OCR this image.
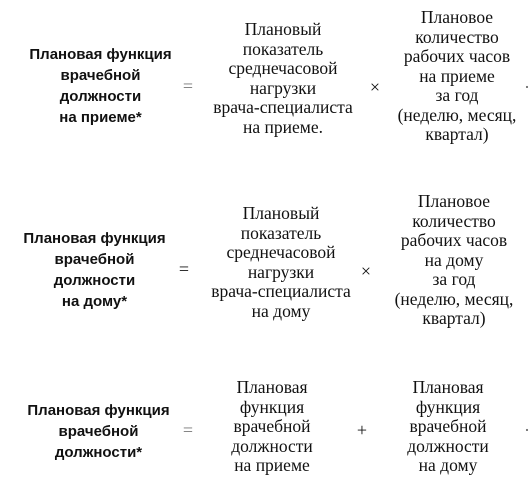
Плановая функция
врачебной
должности
на приеме*
=
Плановый
показатель
среднечасовой
нагрузки
врача-специалиста
на приеме.
×
Плановое
количество
рабочих часов
на приеме
за год
(неделю, месяц,
квартал)
·
Плановая функция
врачебной
должности
на дому*
=
Плановый
показатель
среднечасовой
нагрузки
врача-специалиста
на дому
×
Плановое
количество
рабочих часов
на дому
за год
(неделю, месяц,
квартал)
Плановая функция
врачебной
должности*
=
Плановая
функция
врачебной
должности
на приеме
+
Плановая
функция
врачебной
должности
на дому
·
